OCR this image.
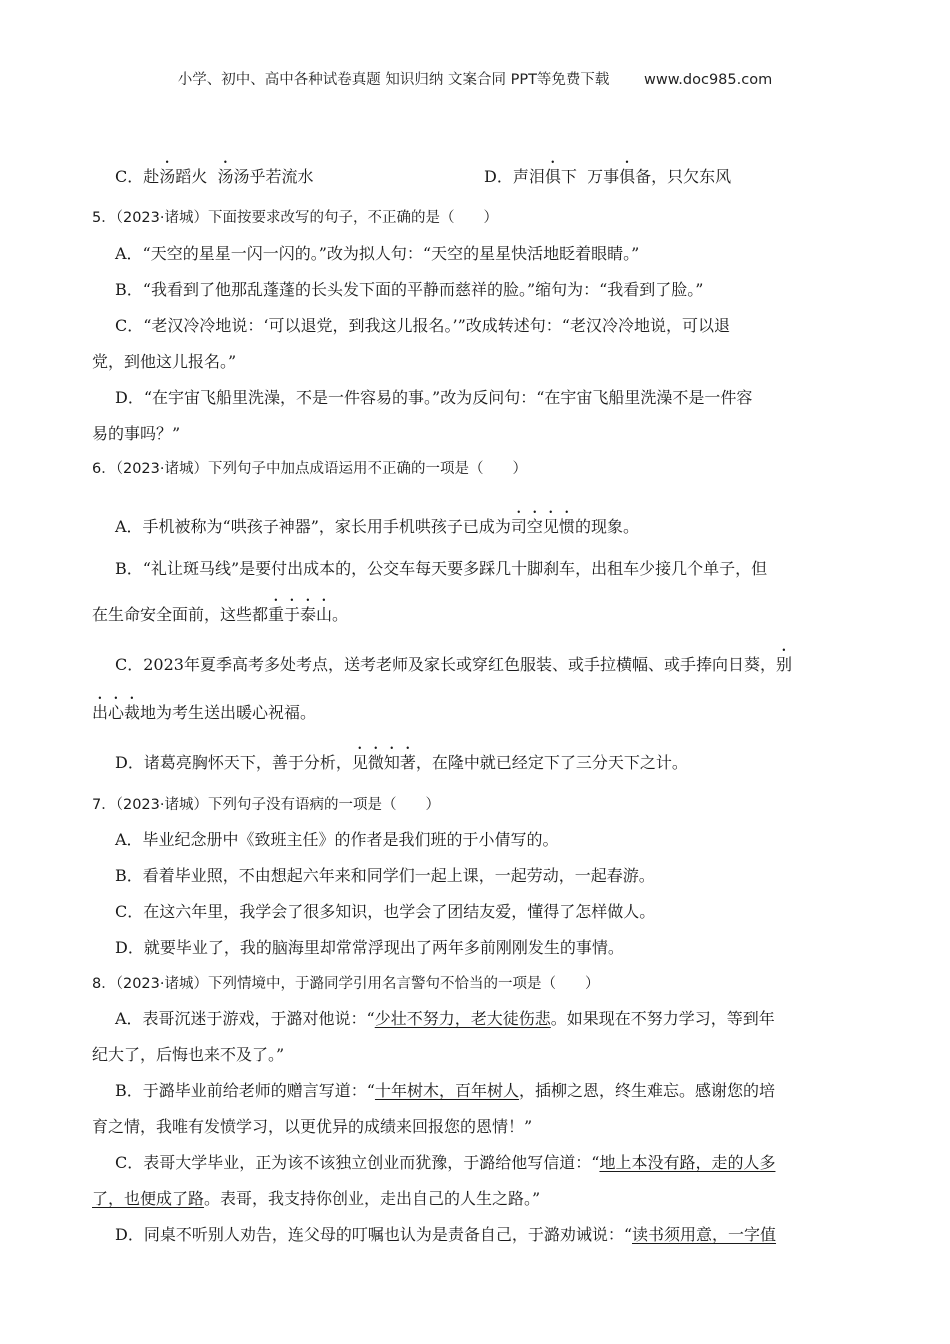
小学、初中、高中各种试卷真题 知识归纳 文案合同 PPT等免费下载 www.doc985.com
C．赴汤蹈火 汤汤乎若流水	D．声泪俱下 万事俱备，只欠东风
5．（2023·诸城）下面按要求改写的句子，不正确的是（　　）
A．“天空的星星一闪一闪的。”改为拟人句：“天空的星星快活地眨着眼睛。”
B．“我看到了他那乱蓬蓬的长头发下面的平静而慈祥的脸。”缩句为：“我看到了脸。”
C．“老汉冷冷地说：‘可以退党，到我这儿报名。’”改成转述句：“老汉冷冷地说，可以退
党，到他这儿报名。”
D．“在宇宙飞船里洗澡，不是一件容易的事。”改为反问句：“在宇宙飞船里洗澡不是一件容
易的事吗？”
6．（2023·诸城）下列句子中加点成语运用不正确的一项是（　　）
A．手机被称为“哄孩子神器”，家长用手机哄孩子已成为司空见惯的现象。
B．“礼让斑马线”是要付出成本的，公交车每天要多踩几十脚刹车，出租车少接几个单子，但
在生命安全面前，这些都重于泰山。
C．2023年夏季高考多处考点，送考老师及家长或穿红色服装、或手拉横幅、或手捧向日葵，别
出心裁地为考生送出暖心祝福。
D．诸葛亮胸怀天下，善于分析，见微知著，在隆中就已经定下了三分天下之计。
7．（2023·诸城）下列句子没有语病的一项是（　　）
A．毕业纪念册中《致班主任》的作者是我们班的于小倩写的。
B．看着毕业照，不由想起六年来和同学们一起上课，一起劳动，一起春游。
C．在这六年里，我学会了很多知识，也学会了团结友爱，懂得了怎样做人。
D．就要毕业了，我的脑海里却常常浮现出了两年多前刚刚发生的事情。
8．（2023·诸城）下列情境中，于潞同学引用名言警句不恰当的一项是（　　）
A．表哥沉迷于游戏，于潞对他说：“少壮不努力，老大徒伤悲。如果现在不努力学习，等到年
纪大了，后悔也来不及了。”
B．于潞毕业前给老师的赠言写道：“十年树木，百年树人，插柳之恩，终生难忘。感谢您的培
育之情，我唯有发愤学习，以更优异的成绩来回报您的恩情！”
C．表哥大学毕业，正为该不该独立创业而犹豫，于潞给他写信道：“地上本没有路，走的人多
了，也便成了路。表哥，我支持你创业，走出自己的人生之路。”
D．同桌不听别人劝告，连父母的叮嘱也认为是责备自己，于潞劝诫说：“读书须用意，一字值
